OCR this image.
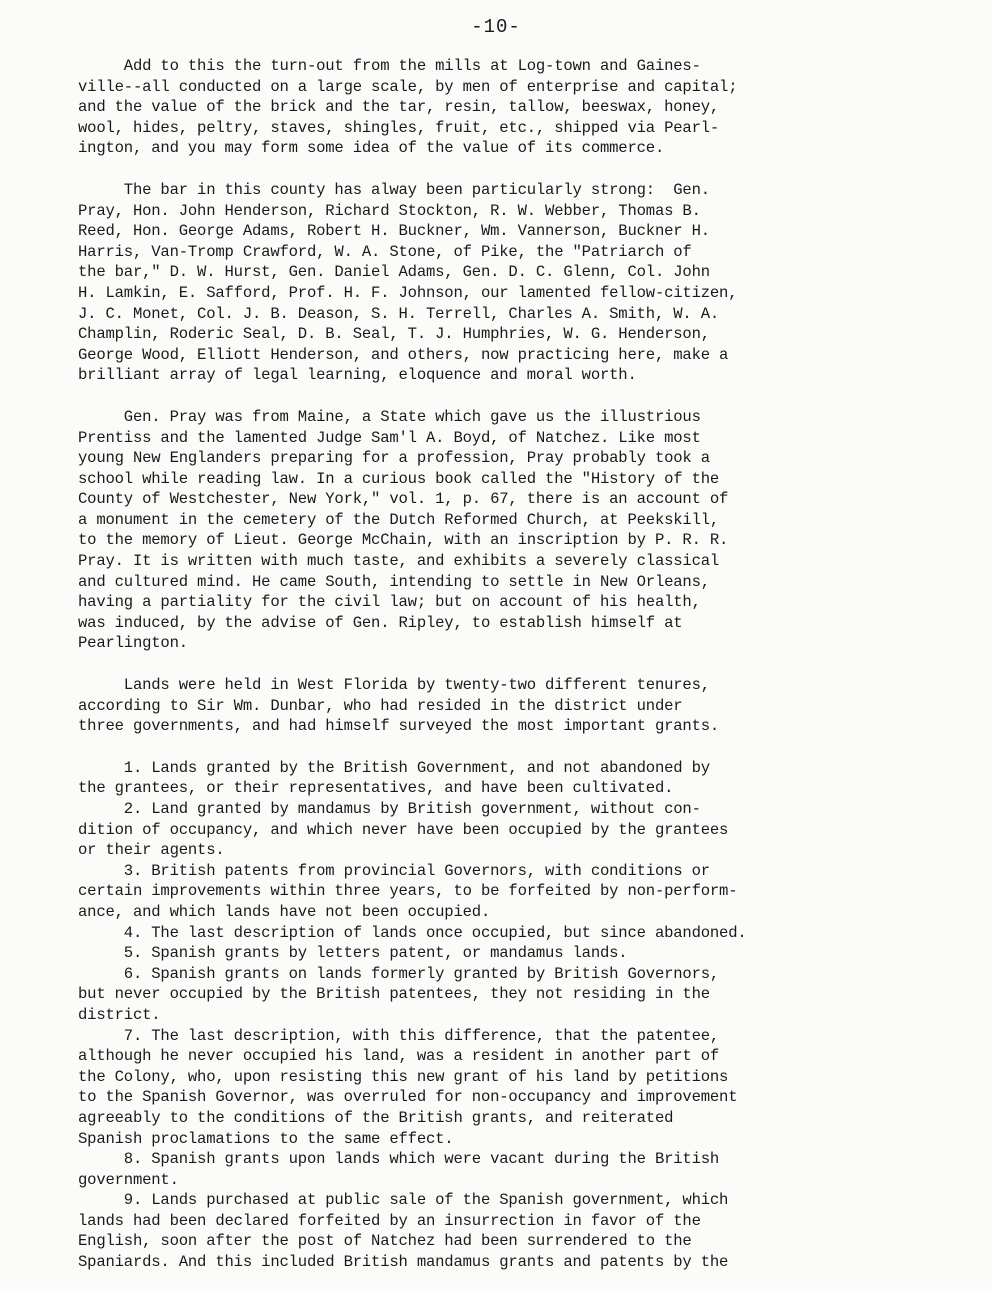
-10-
Add to this the turn-out from the mills at Log-town and Gaines-
ville--all conducted on a large scale, by men of enterprise and capital;
and the value of the brick and the tar, resin, tallow, beeswax, honey,
wool, hides, peltry, staves, shingles, fruit, etc., shipped via Pearl-
ington, and you may form some idea of the value of its commerce.
The bar in this county has alway been particularly strong:  Gen.
Pray, Hon. John Henderson, Richard Stockton, R. W. Webber, Thomas B.
Reed, Hon. George Adams, Robert H. Buckner, Wm. Vannerson, Buckner H.
Harris, Van-Tromp Crawford, W. A. Stone, of Pike, the "Patriarch of
the bar," D. W. Hurst, Gen. Daniel Adams, Gen. D. C. Glenn, Col. John
H. Lamkin, E. Safford, Prof. H. F. Johnson, our lamented fellow-citizen,
J. C. Monet, Col. J. B. Deason, S. H. Terrell, Charles A. Smith, W. A.
Champlin, Roderic Seal, D. B. Seal, T. J. Humphries, W. G. Henderson,
George Wood, Elliott Henderson, and others, now practicing here, make a
brilliant array of legal learning, eloquence and moral worth.
Gen. Pray was from Maine, a State which gave us the illustrious
Prentiss and the lamented Judge Sam'l A. Boyd, of Natchez. Like most
young New Englanders preparing for a profession, Pray probably took a
school while reading law. In a curious book called the "History of the
County of Westchester, New York," vol. 1, p. 67, there is an account of
a monument in the cemetery of the Dutch Reformed Church, at Peekskill,
to the memory of Lieut. George McChain, with an inscription by P. R. R.
Pray. It is written with much taste, and exhibits a severely classical
and cultured mind. He came South, intending to settle in New Orleans,
having a partiality for the civil law; but on account of his health,
was induced, by the advise of Gen. Ripley, to establish himself at
Pearlington.
Lands were held in West Florida by twenty-two different tenures,
according to Sir Wm. Dunbar, who had resided in the district under
three governments, and had himself surveyed the most important grants.
1. Lands granted by the British Government, and not abandoned by
the grantees, or their representatives, and have been cultivated.
2. Land granted by mandamus by British government, without con-
dition of occupancy, and which never have been occupied by the grantees
or their agents.
3. British patents from provincial Governors, with conditions or
certain improvements within three years, to be forfeited by non-perform-
ance, and which lands have not been occupied.
4. The last description of lands once occupied, but since abandoned.
5. Spanish grants by letters patent, or mandamus lands.
6. Spanish grants on lands formerly granted by British Governors,
but never occupied by the British patentees, they not residing in the
district.
7. The last description, with this difference, that the patentee,
although he never occupied his land, was a resident in another part of
the Colony, who, upon resisting this new grant of his land by petitions
to the Spanish Governor, was overruled for non-occupancy and improvement
agreeably to the conditions of the British grants, and reiterated
Spanish proclamations to the same effect.
8. Spanish grants upon lands which were vacant during the British
government.
9. Lands purchased at public sale of the Spanish government, which
lands had been declared forfeited by an insurrection in favor of the
English, soon after the post of Natchez had been surrendered to the
Spaniards. And this included British mandamus grants and patents by the
